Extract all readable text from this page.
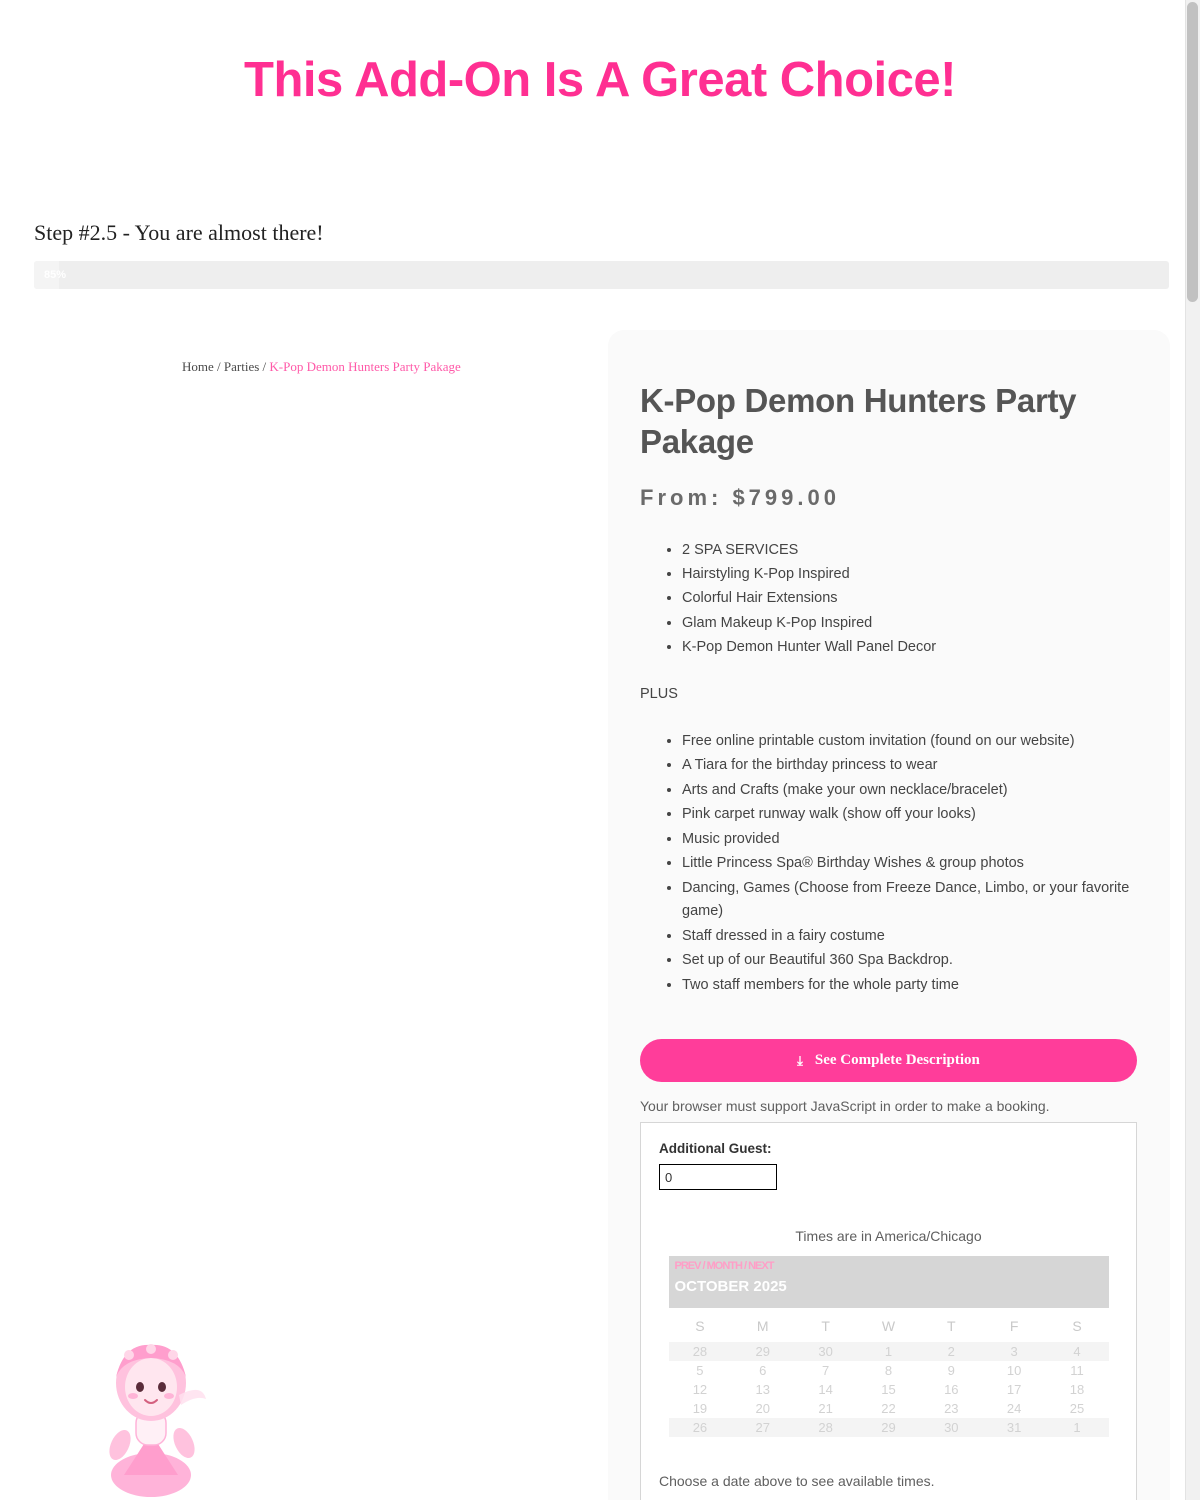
This Add-On Is A Great Choice!
Step #2.5 - You are almost there!
85%
Home / Parties / K-Pop Demon Hunters Party Pakage
K-Pop Demon Hunters Party Pakage
From: $799.00
• 2 SPA SERVICES
• Hairstyling K-Pop Inspired
• Colorful Hair Extensions
• Glam Makeup K-Pop Inspired
• K-Pop Demon Hunter Wall Panel Decor
PLUS
• Free online printable custom invitation (found on our website)
• A Tiara for the birthday princess to wear
• Arts and Crafts (make your own necklace/bracelet)
• Pink carpet runway walk (show off your looks)
• Music provided
• Little Princess Spa® Birthday Wishes & group photos
• Dancing, Games (Choose from Freeze Dance, Limbo, or your favorite game)
• Staff dressed in a fairy costume
• Set up of our Beautiful 360 Spa Backdrop.
• Two staff members for the whole party time
⤓ See Complete Description
Your browser must support JavaScript in order to make a booking.
Additional Guest:
0
Times are in America/Chicago
PREV / MONTH / NEXT
OCTOBER 2025
S	M	T	W	T	F	S
28	29	30	1	2	3	4
5	6	7	8	9	10	11
12	13	14	15	16	17	18
19	20	21	22	23	24	25
26	27	28	29	30	31	1
Choose a date above to see available times.
